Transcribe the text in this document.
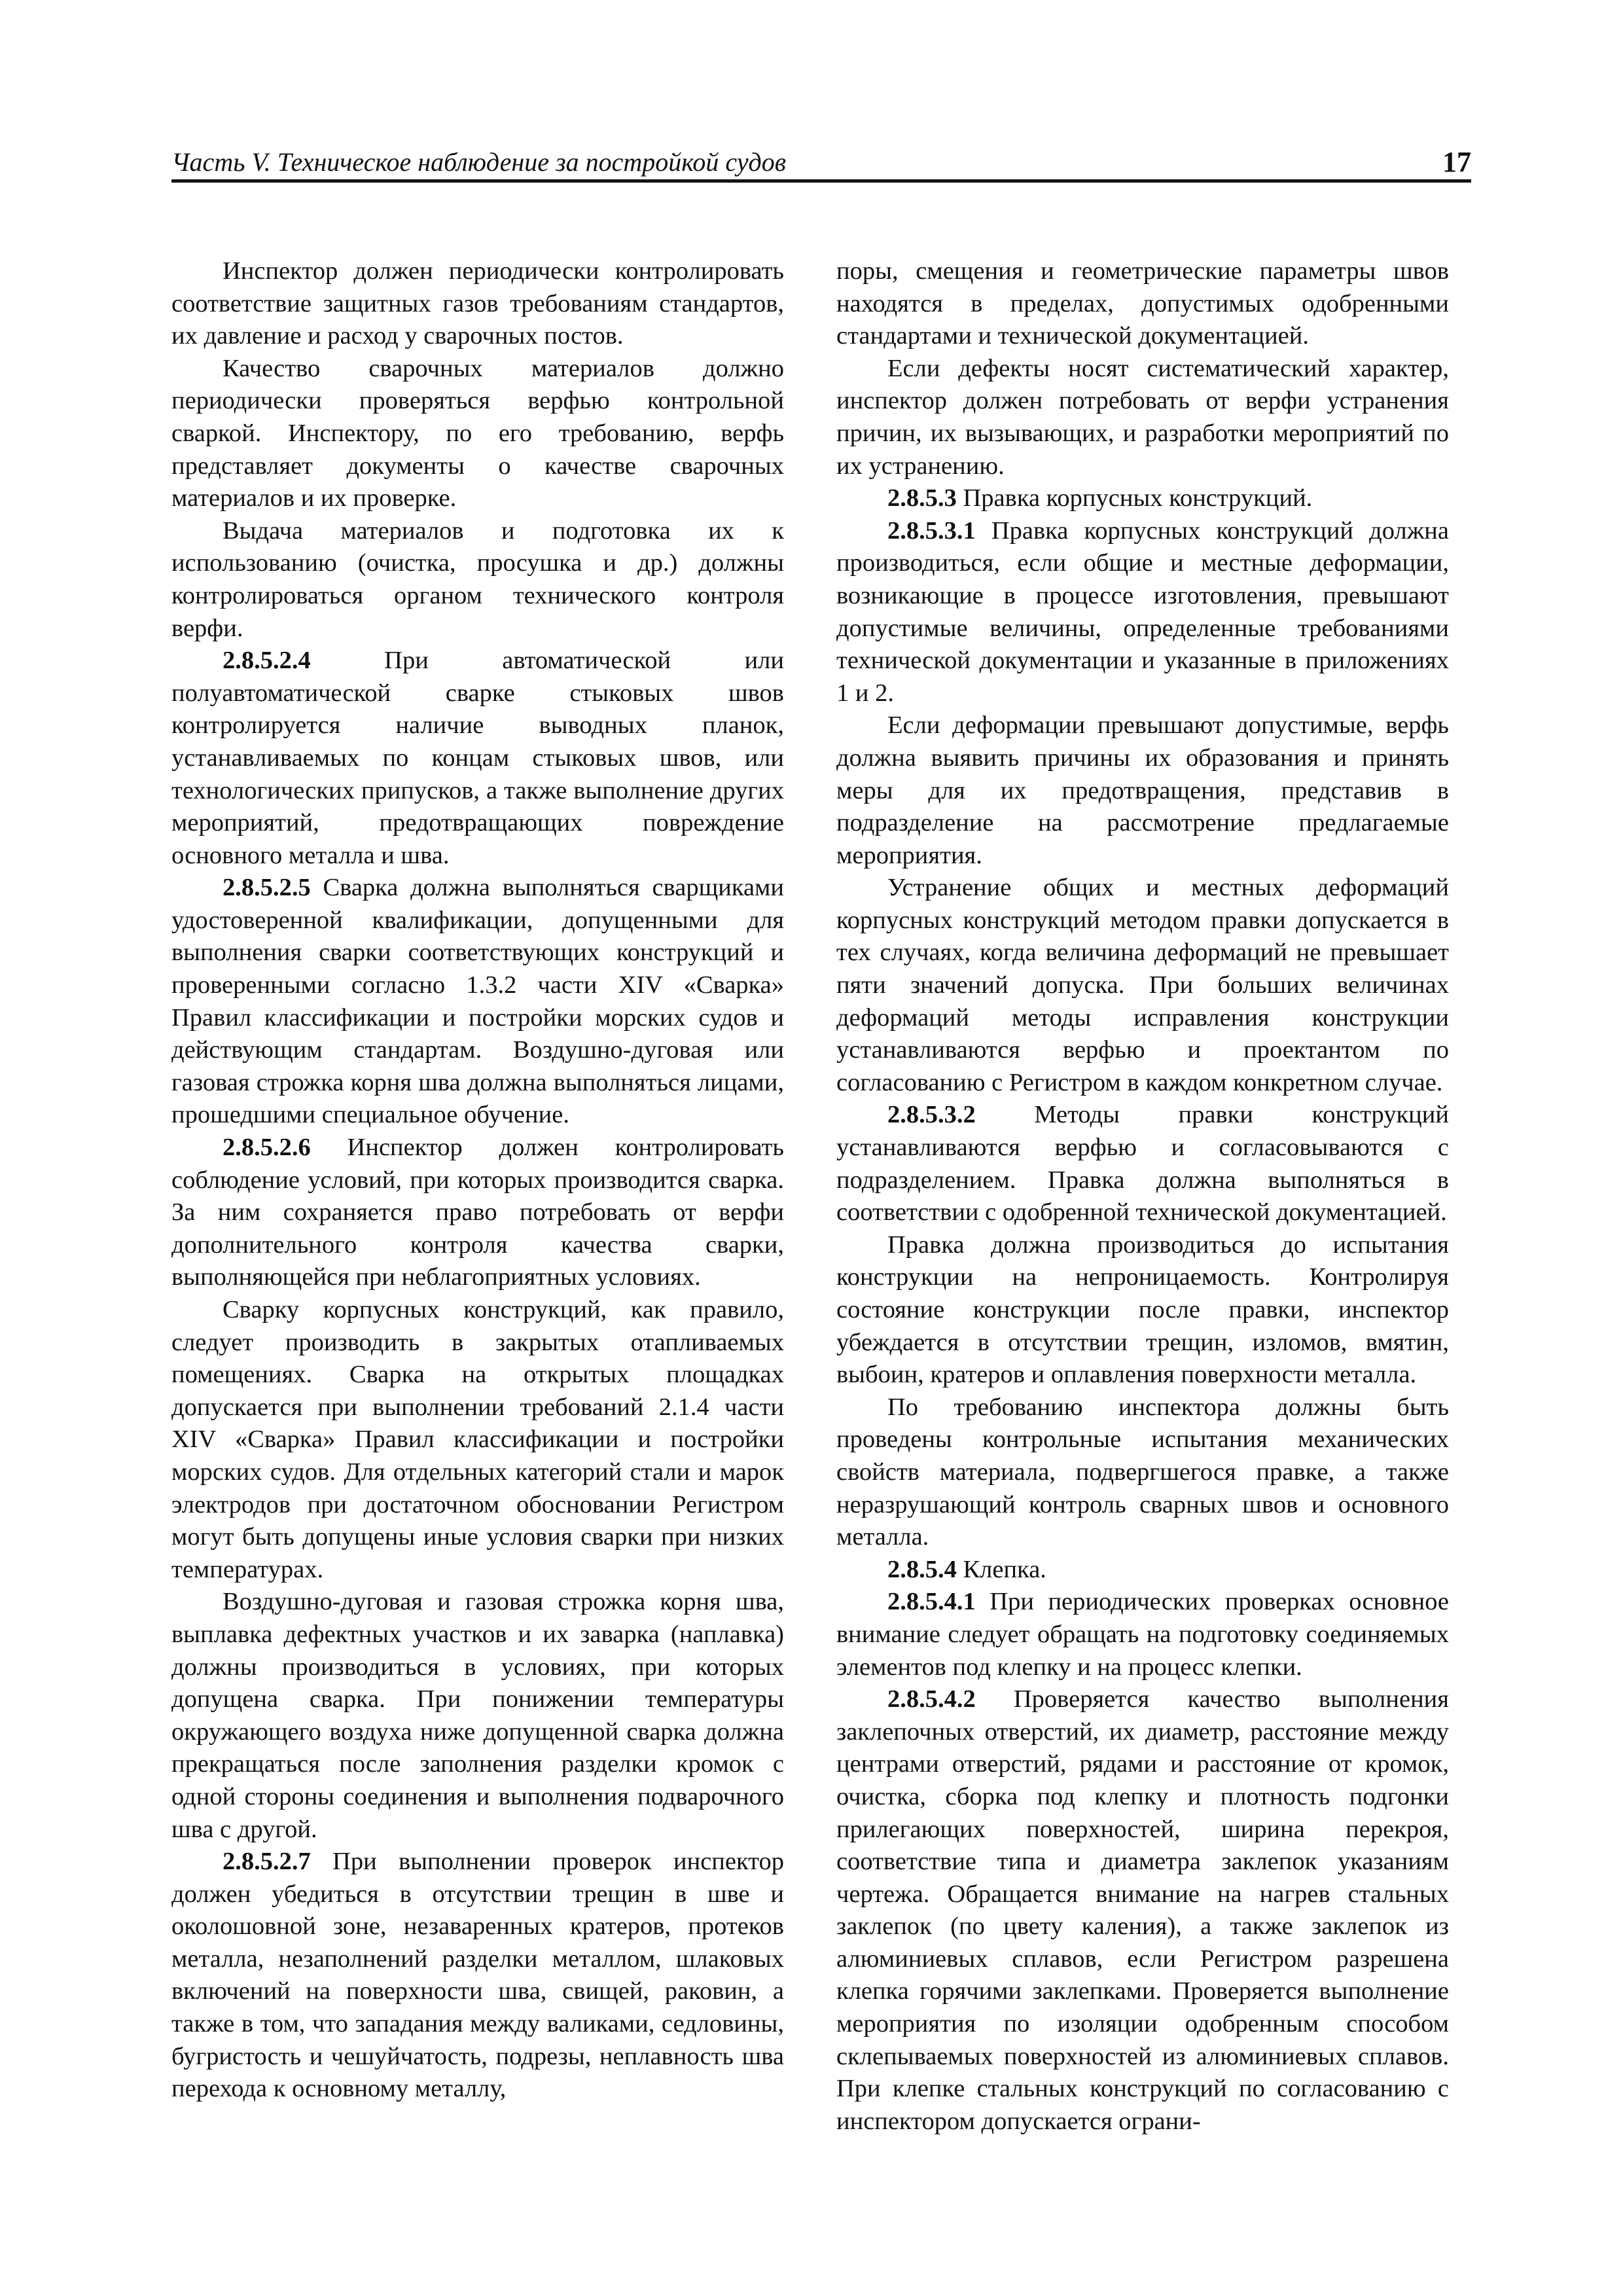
Часть V. Техническое наблюдение за постройкой судов	17

Инспектор должен периодически контролировать соответствие защитных газов требованиям стандартов, их давление и расход у сварочных постов.

Качество сварочных материалов должно периодически проверяться верфью контрольной сваркой. Инспектору, по его требованию, верфь представляет документы о качестве сварочных материалов и их проверке.

Выдача материалов и подготовка их к использованию (очистка, просушка и др.) должны контролироваться органом технического контроля верфи.

2.8.5.2.4 При автоматической или полуавтоматической сварке стыковых швов контролируется наличие выводных планок, устанавливаемых по концам стыковых швов, или технологических припусков, а также выполнение других мероприятий, предотвращающих повреждение основного металла и шва.

2.8.5.2.5 Сварка должна выполняться сварщиками удостоверенной квалификации, допущенными для выполнения сварки соответствующих конструкций и проверенными согласно 1.3.2 части XIV «Сварка» Правил классификации и постройки морских судов и действующим стандартам. Воздушно-дуговая или газовая строжка корня шва должна выполняться лицами, прошедшими специальное обучение.

2.8.5.2.6 Инспектор должен контролировать соблюдение условий, при которых производится сварка. За ним сохраняется право потребовать от верфи дополнительного контроля качества сварки, выполняющейся при неблагоприятных условиях.

Сварку корпусных конструкций, как правило, следует производить в закрытых отапливаемых помещениях. Сварка на открытых площадках допускается при выполнении требований 2.1.4 части XIV «Сварка» Правил классификации и постройки морских судов. Для отдельных категорий стали и марок электродов при достаточном обосновании Регистром могут быть допущены иные условия сварки при низких температурах.

Воздушно-дуговая и газовая строжка корня шва, выплавка дефектных участков и их заварка (наплавка) должны производиться в условиях, при которых допущена сварка. При понижении температуры окружающего воздуха ниже допущенной сварка должна прекращаться после заполнения разделки кромок с одной стороны соединения и выполнения подварочного шва с другой.

2.8.5.2.7 При выполнении проверок инспектор должен убедиться в отсутствии трещин в шве и околошовной зоне, незаваренных кратеров, протеков металла, незаполнений разделки металлом, шлаковых включений на поверхности шва, свищей, раковин, а также в том, что западания между валиками, седловины, бугристость и чешуйчатость, подрезы, неплавность шва перехода к основному металлу,

поры, смещения и геометрические параметры швов находятся в пределах, допустимых одобренными стандартами и технической документацией.

Если дефекты носят систематический характер, инспектор должен потребовать от верфи устранения причин, их вызывающих, и разработки мероприятий по их устранению.

2.8.5.3 Правка корпусных конструкций.

2.8.5.3.1 Правка корпусных конструкций должна производиться, если общие и местные деформации, возникающие в процессе изготовления, превышают допустимые величины, определенные требованиями технической документации и указанные в приложениях 1 и 2.

Если деформации превышают допустимые, верфь должна выявить причины их образования и принять меры для их предотвращения, представив в подразделение на рассмотрение предлагаемые мероприятия.

Устранение общих и местных деформаций корпусных конструкций методом правки допускается в тех случаях, когда величина деформаций не превышает пяти значений допуска. При больших величинах деформаций методы исправления конструкции устанавливаются верфью и проектантом по согласованию с Регистром в каждом конкретном случае.

2.8.5.3.2 Методы правки конструкций устанавливаются верфью и согласовываются с подразделением. Правка должна выполняться в соответствии с одобренной технической документацией.

Правка должна производиться до испытания конструкции на непроницаемость. Контролируя состояние конструкции после правки, инспектор убеждается в отсутствии трещин, изломов, вмятин, выбоин, кратеров и оплавления поверхности металла.

По требованию инспектора должны быть проведены контрольные испытания механических свойств материала, подвергшегося правке, а также неразрушающий контроль сварных швов и основного металла.

2.8.5.4 Клепка.

2.8.5.4.1 При периодических проверках основное внимание следует обращать на подготовку соединяемых элементов под клепку и на процесс клепки.

2.8.5.4.2 Проверяется качество выполнения заклепочных отверстий, их диаметр, расстояние между центрами отверстий, рядами и расстояние от кромок, очистка, сборка под клепку и плотность подгонки прилегающих поверхностей, ширина перекроя, соответствие типа и диаметра заклепок указаниям чертежа. Обращается внимание на нагрев стальных заклепок (по цвету каления), а также заклепок из алюминиевых сплавов, если Регистром разрешена клепка горячими заклепками. Проверяется выполнение мероприятия по изоляции одобренным способом склепываемых поверхностей из алюминиевых сплавов. При клепке стальных конструкций по согласованию с инспектором допускается ограни-
